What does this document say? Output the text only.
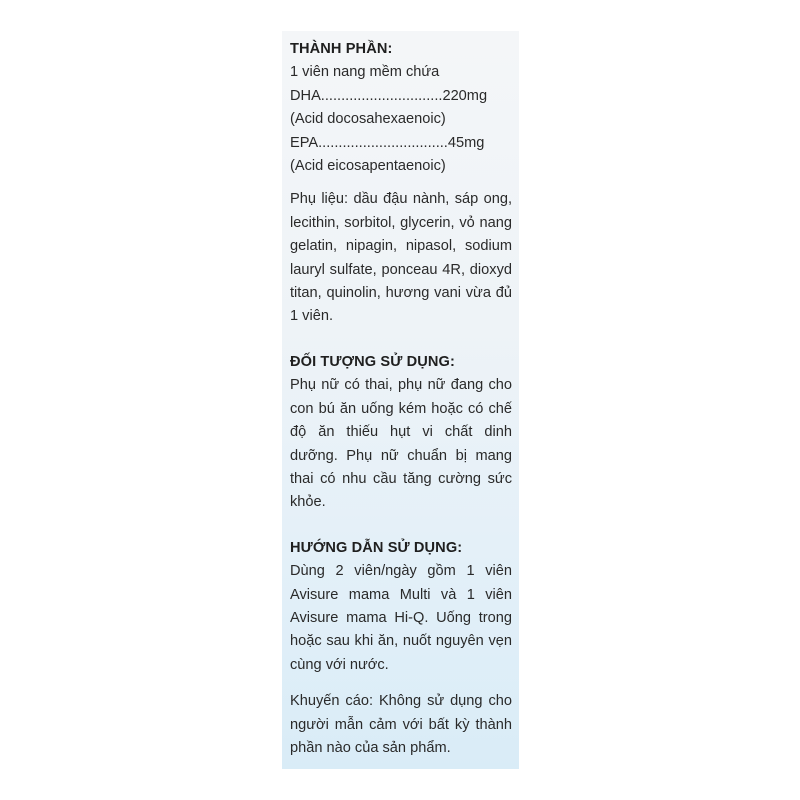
THÀNH PHẦN:
1 viên nang mềm chứa
DHA..............................220mg
(Acid docosahexaenoic)
EPA................................45mg
(Acid eicosapentaenoic)

Phụ liệu: dầu đậu nành, sáp ong, lecithin, sorbitol, glycerin, vỏ nang gelatin, nipagin, nipasol, sodium lauryl sulfate, ponceau 4R, dioxyd titan, quinolin, hương vani vừa đủ 1 viên.

ĐỐI TƯỢNG SỬ DỤNG:

Phụ nữ có thai, phụ nữ đang cho con bú ăn uống kém hoặc có chế độ ăn thiếu hụt vi chất dinh dưỡng. Phụ nữ chuẩn bị mang thai có nhu cầu tăng cường sức khỏe.

HƯỚNG DẪN SỬ DỤNG:

Dùng 2 viên/ngày gồm 1 viên Avisure mama Multi và 1 viên Avisure mama Hi-Q. Uống trong hoặc sau khi ăn, nuốt nguyên vẹn cùng với nước.

Khuyến cáo: Không sử dụng cho người mẫn cảm với bất kỳ thành phần nào của sản phẩm.
